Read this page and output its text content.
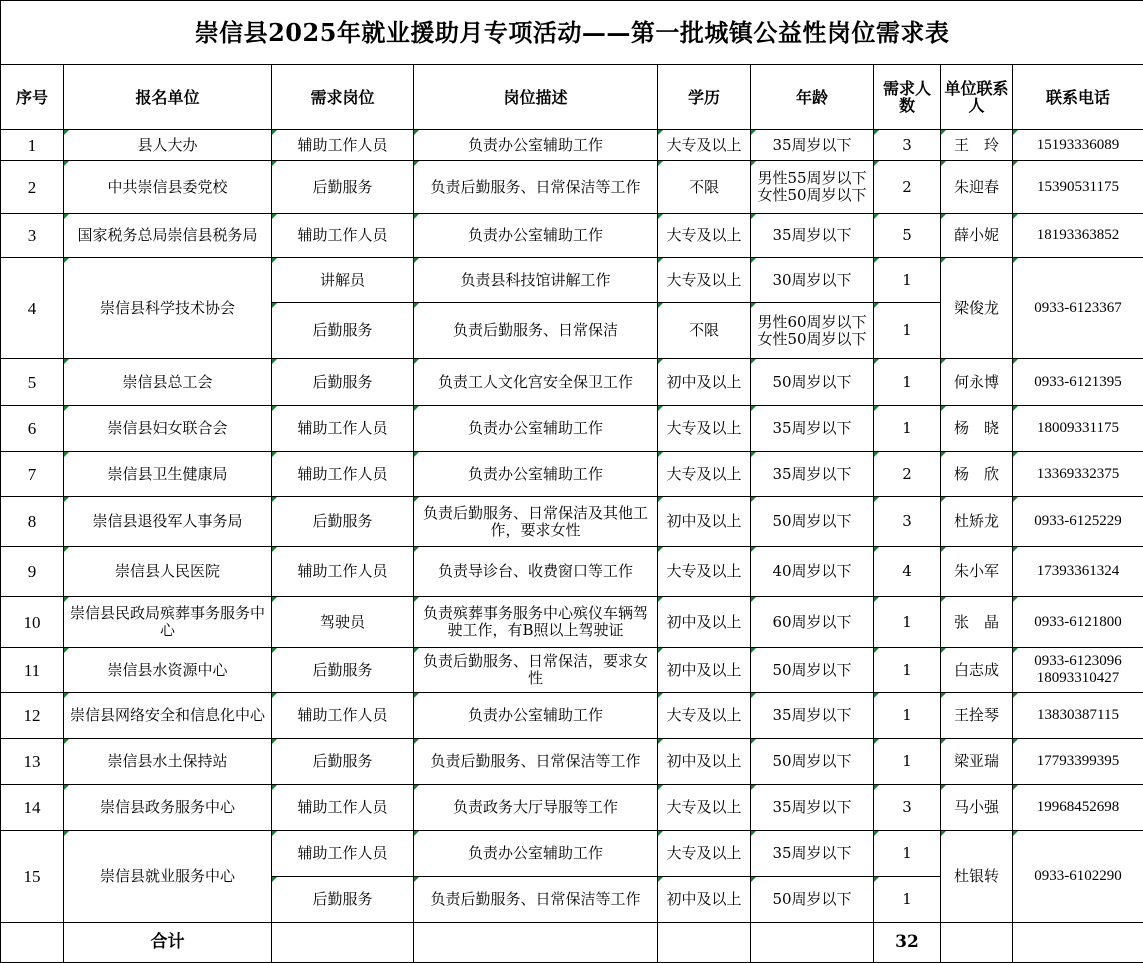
崇信县2025年就业援助月专项活动——第一批城镇公益性岗位需求表								
序号	报名单位	需求岗位	岗位描述	学历	年龄	需求人数	单位联系人	联系电话
1	县人大办	辅助工作人员	负责办公室辅助工作	大专及以上	35周岁以下	3	王　玲	15193336089
2	中共崇信县委党校	后勤服务	负责后勤服务、日常保洁等工作	不限	男性55周岁以下
女性50周岁以下	2	朱迎春	15390531175
3	国家税务总局崇信县税务局	辅助工作人员	负责办公室辅助工作	大专及以上	35周岁以下	5	薛小妮	18193363852
4	崇信县科学技术协会	讲解员	负责县科技馆讲解工作	大专及以上	30周岁以下	1	梁俊龙	0933-6123367
		后勤服务	负责后勤服务、日常保洁	不限	男性60周岁以下
女性50周岁以下	1		
5	崇信县总工会	后勤服务	负责工人文化宫安全保卫工作	初中及以上	50周岁以下	1	何永博	0933-6121395
6	崇信县妇女联合会	辅助工作人员	负责办公室辅助工作	大专及以上	35周岁以下	1	杨　晓	18009331175
7	崇信县卫生健康局	辅助工作人员	负责办公室辅助工作	大专及以上	35周岁以下	2	杨　欣	13369332375
8	崇信县退役军人事务局	后勤服务	负责后勤服务、日常保洁及其他工作，要求女性	初中及以上	50周岁以下	3	杜矫龙	0933-6125229
9	崇信县人民医院	辅助工作人员	负责导诊台、收费窗口等工作	大专及以上	40周岁以下	4	朱小军	17393361324
10	崇信县民政局殡葬事务服务中心	驾驶员	负责殡葬事务服务中心殡仪车辆驾驶工作，有B照以上驾驶证	初中及以上	60周岁以下	1	张　晶	0933-6121800
11	崇信县水资源中心	后勤服务	负责后勤服务、日常保洁，要求女性	初中及以上	50周岁以下	1	白志成	0933-6123096
18093310427

12	崇信县网络安全和信息化中心	辅助工作人员	负责办公室辅助工作	大专及以上	35周岁以下	1	王拴琴	13830387115
13	崇信县水土保持站	后勤服务	负责后勤服务、日常保洁等工作	初中及以上	50周岁以下	1	梁亚瑞	17793399395
14	崇信县政务服务中心	辅助工作人员	负责政务大厅导服等工作	大专及以上	35周岁以下	3	马小强	19968452698
15	崇信县就业服务中心	辅助工作人员	负责办公室辅助工作	大专及以上	35周岁以下	1	杜银转	0933-6102290
		后勤服务	负责后勤服务、日常保洁等工作	初中及以上	50周岁以下	1		
	合计					32		
